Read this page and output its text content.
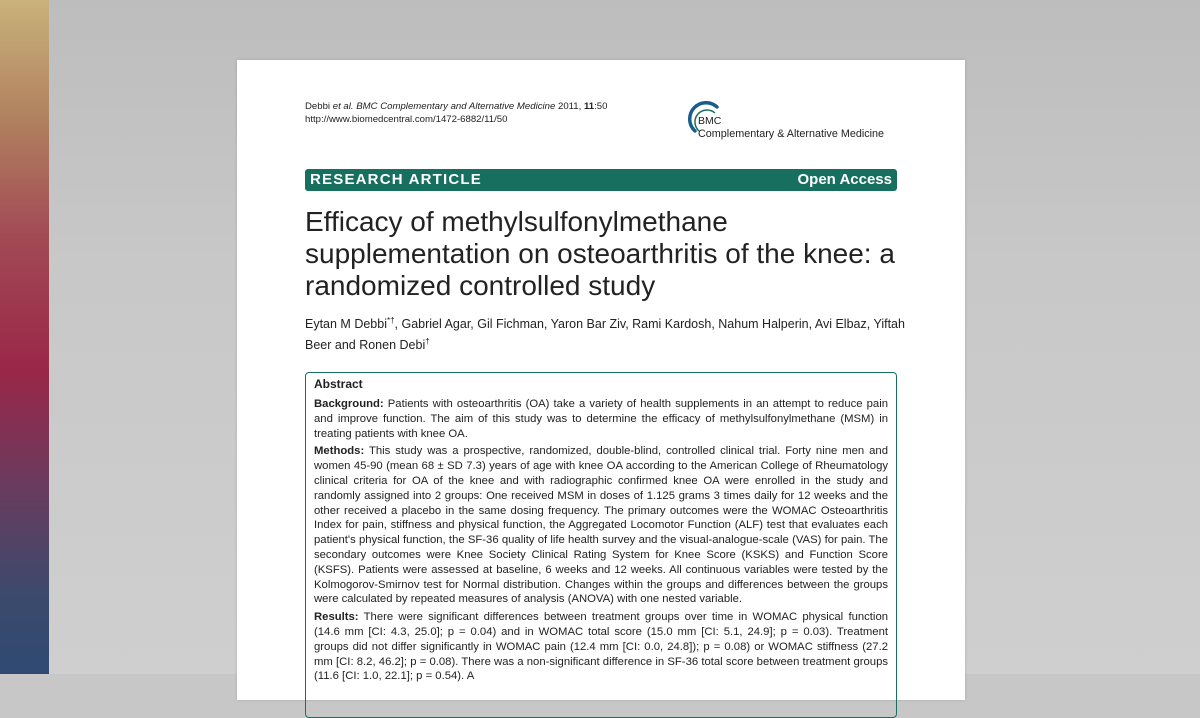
Debbi et al. BMC Complementary and Alternative Medicine 2011, 11:50
http://www.biomedcentral.com/1472-6882/11/50	BMC
Complementary & Alternative Medicine
RESEARCH ARTICLE	Open Access
Efficacy of methylsulfonylmethane supplementation on osteoarthritis of the knee: a randomized controlled study
Eytan M Debbi*†, Gabriel Agar, Gil Fichman, Yaron Bar Ziv, Rami Kardosh, Nahum Halperin, Avi Elbaz, Yiftah Beer and Ronen Debi†

Abstract

Background: Patients with osteoarthritis (OA) take a variety of health supplements in an attempt to reduce pain and improve function. The aim of this study was to determine the efficacy of methylsulfonylmethane (MSM) in treating patients with knee OA.

Methods: This study was a prospective, randomized, double-blind, controlled clinical trial. Forty nine men and women 45-90 (mean 68 ± SD 7.3) years of age with knee OA according to the American College of Rheumatology clinical criteria for OA of the knee and with radiographic confirmed knee OA were enrolled in the study and randomly assigned into 2 groups: One received MSM in doses of 1.125 grams 3 times daily for 12 weeks and the other received a placebo in the same dosing frequency. The primary outcomes were the WOMAC Osteoarthritis Index for pain, stiffness and physical function, the Aggregated Locomotor Function (ALF) test that evaluates each patient's physical function, the SF-36 quality of life health survey and the visual-analogue-scale (VAS) for pain. The secondary outcomes were Knee Society Clinical Rating System for Knee Score (KSKS) and Function Score (KSFS). Patients were assessed at baseline, 6 weeks and 12 weeks. All continuous variables were tested by the Kolmogorov-Smirnov test for Normal distribution. Changes within the groups and differences between the groups were calculated by repeated measures of analysis (ANOVA) with one nested variable.

Results: There were significant differences between treatment groups over time in WOMAC physical function (14.6 mm [CI: 4.3, 25.0]; p = 0.04) and in WOMAC total score (15.0 mm [CI: 5.1, 24.9]; p = 0.03). Treatment groups did not differ significantly in WOMAC pain (12.4 mm [CI: 0.0, 24.8]); p = 0.08) or WOMAC stiffness (27.2 mm [CI: 8.2, 46.2]; p = 0.08). There was a non-significant difference in SF-36 total score between treatment groups (11.6 [CI: 1.0, 22.1]; p = 0.54). A
